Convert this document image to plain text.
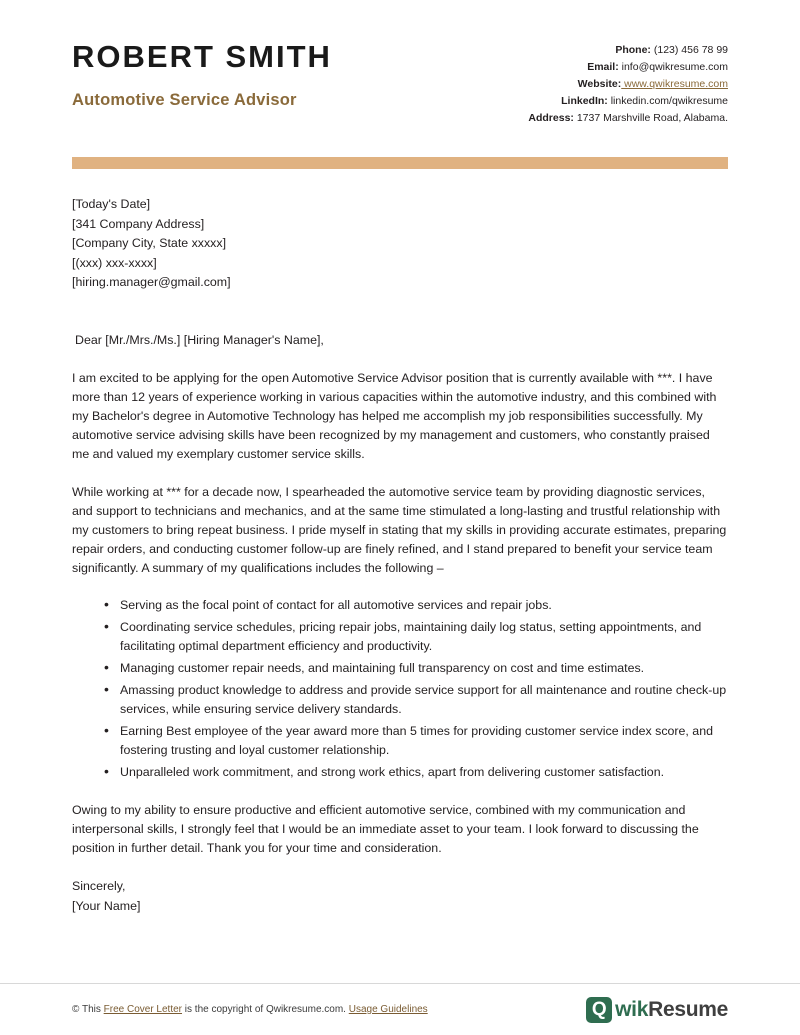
ROBERT SMITH
Automotive Service Advisor
Phone: (123) 456 78 99
Email: info@qwikresume.com
Website: www.qwikresume.com
LinkedIn: linkedin.com/qwikresume
Address: 1737 Marshville Road, Alabama.
[Today's Date]
[341 Company Address]
[Company City, State xxxxx]
[(xxx) xxx-xxxx]
[hiring.manager@gmail.com]
Dear [Mr./Mrs./Ms.] [Hiring Manager's Name],

I am excited to be applying for the open Automotive Service Advisor position that is currently available with ***. I have more than 12 years of experience working in various capacities within the automotive industry, and this combined with my Bachelor's degree in Automotive Technology has helped me accomplish my job responsibilities successfully. My automotive service advising skills have been recognized by my management and customers, who constantly praised me and valued my exemplary customer service skills.

While working at *** for a decade now, I spearheaded the automotive service team by providing diagnostic services, and support to technicians and mechanics, and at the same time stimulated a long-lasting and trustful relationship with my customers to bring repeat business. I pride myself in stating that my skills in providing accurate estimates, preparing repair orders, and conducting customer follow-up are finely refined, and I stand prepared to benefit your service team significantly. A summary of my qualifications includes the following –

• Serving as the focal point of contact for all automotive services and repair jobs.
• Coordinating service schedules, pricing repair jobs, maintaining daily log status, setting appointments, and facilitating optimal department efficiency and productivity.
• Managing customer repair needs, and maintaining full transparency on cost and time estimates.
• Amassing product knowledge to address and provide service support for all maintenance and routine check-up services, while ensuring service delivery standards.
• Earning Best employee of the year award more than 5 times for providing customer service index score, and fostering trusting and loyal customer relationship.
• Unparalleled work commitment, and strong work ethics, apart from delivering customer satisfaction.

Owing to my ability to ensure productive and efficient automotive service, combined with my communication and interpersonal skills, I strongly feel that I would be an immediate asset to your team. I look forward to discussing the position in further detail. Thank you for your time and consideration.

Sincerely,

[Your Name]
© This Free Cover Letter is the copyright of Qwikresume.com. Usage Guidelines	Q wik Resume
